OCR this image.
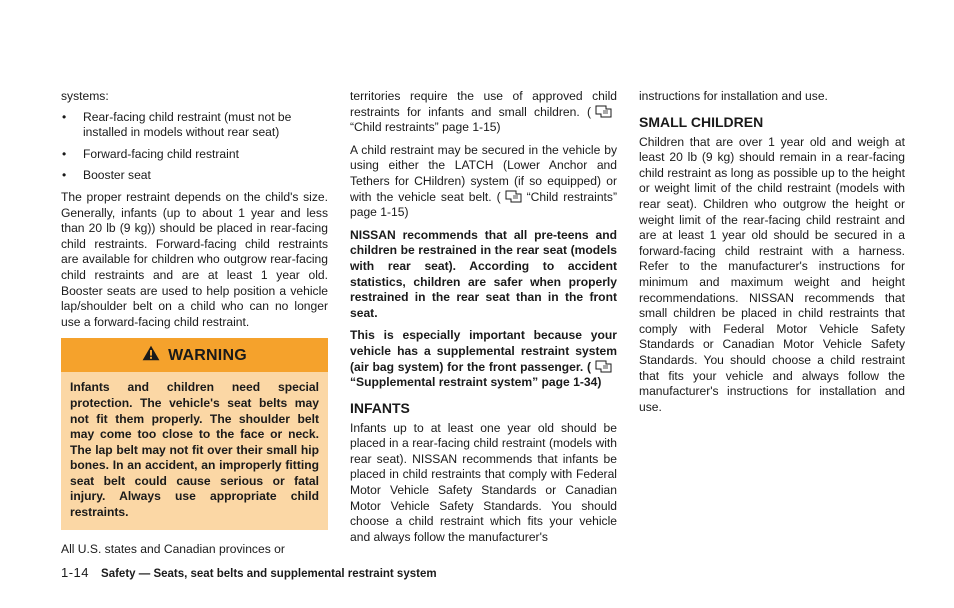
systems:

• Rear-facing child restraint (must not be installed in models without rear seat)
• Forward-facing child restraint
• Booster seat

The proper restraint depends on the child's size. Generally, infants (up to about 1 year and less than 20 lb (9 kg)) should be placed in rear-facing child restraints. Forward-facing child restraints are available for children who outgrow rear-facing child restraints and are at least 1 year old. Booster seats are used to help position a vehicle lap/shoulder belt on a child who can no longer use a forward-facing child restraint.

WARNING
Infants and children need special protection. The vehicle's seat belts may not fit them properly. The shoulder belt may come too close to the face or neck. The lap belt may not fit over their small hip bones. In an accident, an improperly fitting seat belt could cause serious or fatal injury. Always use appropriate child restraints.

All U.S. states and Canadian provinces or

territories require the use of approved child restraints for infants and small children. (“Child restraints” page 1-15)

A child restraint may be secured in the vehicle by using either the LATCH (Lower Anchor and Tethers for CHildren) system (if so equipped) or with the vehicle seat belt. ( “Child restraints” page 1-15)

NISSAN recommends that all pre-teens and children be restrained in the rear seat (models with rear seat). According to accident statistics, children are safer when properly restrained in the rear seat than in the front seat.

This is especially important because your vehicle has a supplemental restraint system (air bag system) for the front passenger. (“Supplemental restraint system” page 1-34)

INFANTS

Infants up to at least one year old should be placed in a rear-facing child restraint (models with rear seat). NISSAN recommends that infants be placed in child restraints that comply with Federal Motor Vehicle Safety Standards or Canadian Motor Vehicle Safety Standards. You should choose a child restraint which fits your vehicle and always follow the manufacturer's

instructions for installation and use.

SMALL CHILDREN

Children that are over 1 year old and weigh at least 20 lb (9 kg) should remain in a rear-facing child restraint as long as possible up to the height or weight limit of the child restraint (models with rear seat). Children who outgrow the height or weight limit of the rear-facing child restraint and are at least 1 year old should be secured in a forward-facing child restraint with a harness. Refer to the manufacturer's instructions for minimum and maximum weight and height recommendations. NISSAN recommends that small children be placed in child restraints that comply with Federal Motor Vehicle Safety Standards or Canadian Motor Vehicle Safety Standards. You should choose a child restraint that fits your vehicle and always follow the manufacturer's instructions for installation and use.

1-14 Safety — Seats, seat belts and supplemental restraint system
